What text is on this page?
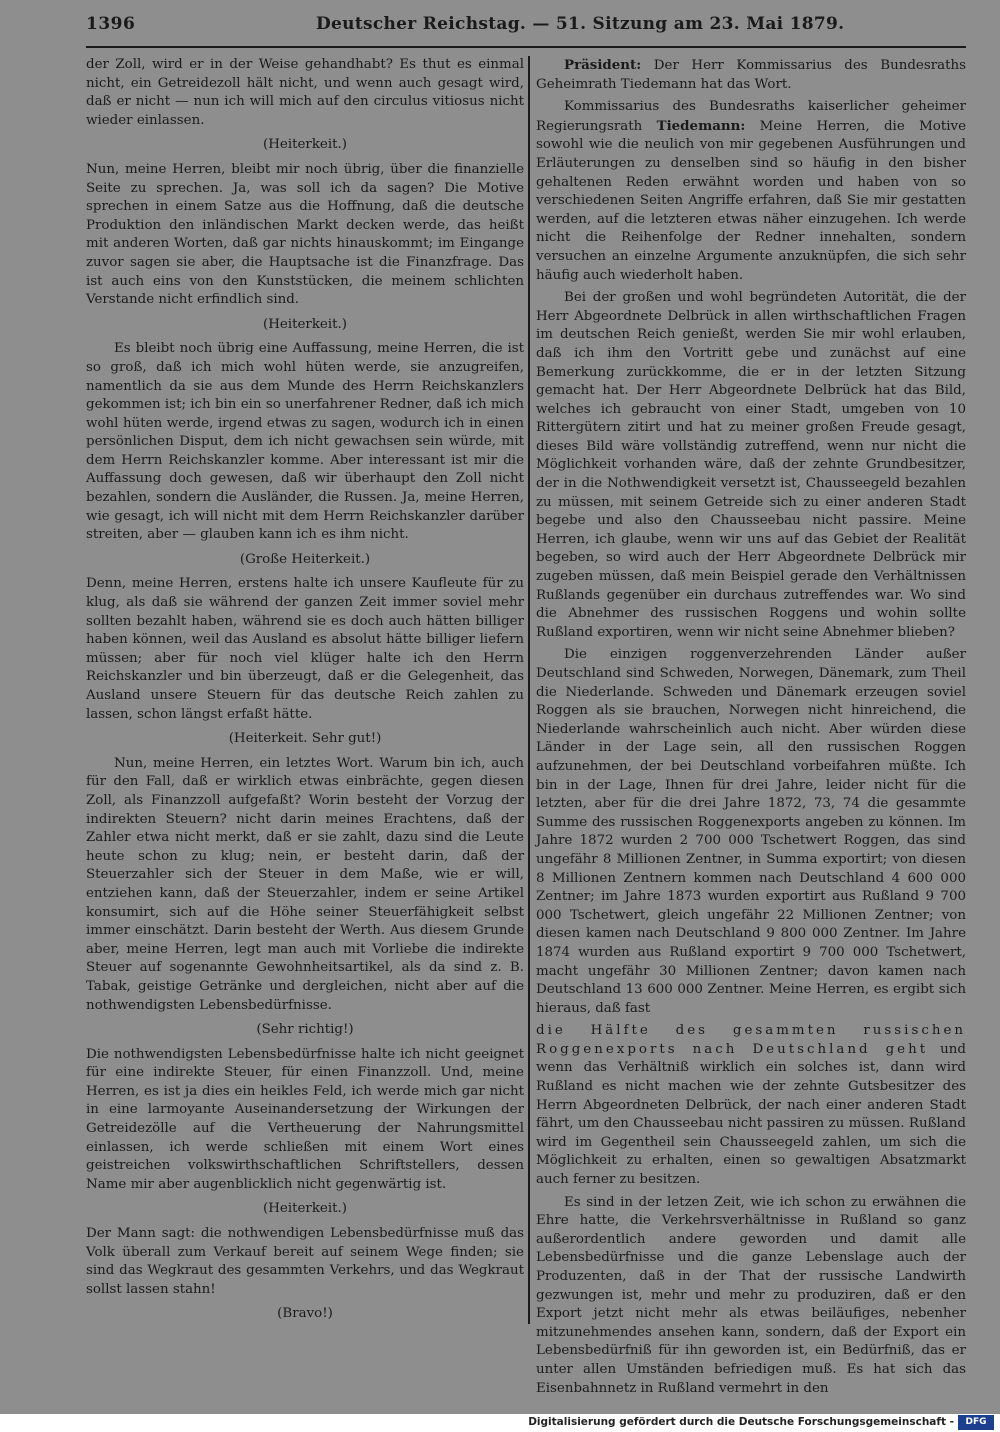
1396	Deutscher Reichstag. — 51. Sitzung am 23. Mai 1879.

der Zoll, wird er in der Weise gehandhabt? Es thut es einmal nicht, ein Getreidezoll hält nicht, und wenn auch gesagt wird, daß er nicht — nun ich will mich auf den circulus vitiosus nicht wieder einlassen.

(Heiterkeit.)

Nun, meine Herren, bleibt mir noch übrig, über die finanzielle Seite zu sprechen. Ja, was soll ich da sagen? Die Motive sprechen in einem Satze aus die Hoffnung, daß die deutsche Produktion den inländischen Markt decken werde, das heißt mit anderen Worten, daß gar nichts hinauskommt; im Eingange zuvor sagen sie aber, die Hauptsache ist die Finanzfrage. Das ist auch eins von den Kunststücken, die meinem schlichten Verstande nicht erfindlich sind.

(Heiterkeit.)

Es bleibt noch übrig eine Auffassung, meine Herren, die ist so groß, daß ich mich wohl hüten werde, sie anzugreifen, namentlich da sie aus dem Munde des Herrn Reichskanzlers gekommen ist; ich bin ein so unerfahrener Redner, daß ich mich wohl hüten werde, irgend etwas zu sagen, wodurch ich in einen persönlichen Disput, dem ich nicht gewachsen sein würde, mit dem Herrn Reichskanzler komme. Aber interessant ist mir die Auffassung doch gewesen, daß wir überhaupt den Zoll nicht bezahlen, sondern die Ausländer, die Russen. Ja, meine Herren, wie gesagt, ich will nicht mit dem Herrn Reichskanzler darüber streiten, aber — glauben kann ich es ihm nicht.

(Große Heiterkeit.)

Denn, meine Herren, erstens halte ich unsere Kaufleute für zu klug, als daß sie während der ganzen Zeit immer soviel mehr sollten bezahlt haben, während sie es doch auch hätten billiger haben können, weil das Ausland es absolut hätte billiger liefern müssen; aber für noch viel klüger halte ich den Herrn Reichskanzler und bin überzeugt, daß er die Gelegenheit, das Ausland unsere Steuern für das deutsche Reich zahlen zu lassen, schon längst erfaßt hätte.

(Heiterkeit. Sehr gut!)

Nun, meine Herren, ein letztes Wort. Warum bin ich, auch für den Fall, daß er wirklich etwas einbrächte, gegen diesen Zoll, als Finanzzoll aufgefaßt? Worin besteht der Vorzug der indirekten Steuern? nicht darin meines Erachtens, daß der Zahler etwa nicht merkt, daß er sie zahlt, dazu sind die Leute heute schon zu klug; nein, er besteht darin, daß der Steuerzahler sich der Steuer in dem Maße, wie er will, entziehen kann, daß der Steuerzahler, indem er seine Artikel konsumirt, sich auf die Höhe seiner Steuerfähigkeit selbst immer einschätzt. Darin besteht der Werth. Aus diesem Grunde aber, meine Herren, legt man auch mit Vorliebe die indirekte Steuer auf sogenannte Gewohnheitsartikel, als da sind z. B. Tabak, geistige Getränke und dergleichen, nicht aber auf die nothwendigsten Lebensbedürfnisse.

(Sehr richtig!)

Die nothwendigsten Lebensbedürfnisse halte ich nicht geeignet für eine indirekte Steuer, für einen Finanzzoll. Und, meine Herren, es ist ja dies ein heikles Feld, ich werde mich gar nicht in eine larmoyante Auseinandersetzung der Wirkungen der Getreidezölle auf die Vertheuerung der Nahrungsmittel einlassen, ich werde schließen mit einem Wort eines geistreichen volkswirthschaftlichen Schriftstellers, dessen Name mir aber augenblicklich nicht gegenwärtig ist.

(Heiterkeit.)

Der Mann sagt: die nothwendigen Lebensbedürfnisse muß das Volk überall zum Verkauf bereit auf seinem Wege finden; sie sind das Wegkraut des gesammten Verkehrs, und das Wegkraut sollst lassen stahn!

(Bravo!)

Präsident: Der Herr Kommissarius des Bundesraths Geheimrath Tiedemann hat das Wort.

Kommissarius des Bundesraths kaiserlicher geheimer Regierungsrath Tiedemann: Meine Herren, die Motive sowohl wie die neulich von mir gegebenen Ausführungen und Erläuterungen zu denselben sind so häufig in den bisher gehaltenen Reden erwähnt worden und haben von so verschiedenen Seiten Angriffe erfahren, daß Sie mir gestatten werden, auf die letzteren etwas näher einzugehen. Ich werde nicht die Reihenfolge der Redner innehalten, sondern versuchen an einzelne Argumente anzuknüpfen, die sich sehr häufig auch wiederholt haben.

Bei der großen und wohl begründeten Autorität, die der Herr Abgeordnete Delbrück in allen wirthschaftlichen Fragen im deutschen Reich genießt, werden Sie mir wohl erlauben, daß ich ihm den Vortritt gebe und zunächst auf eine Bemerkung zurückkomme, die er in der letzten Sitzung gemacht hat. Der Herr Abgeordnete Delbrück hat das Bild, welches ich gebraucht von einer Stadt, umgeben von 10 Rittergütern zitirt und hat zu meiner großen Freude gesagt, dieses Bild wäre vollständig zutreffend, wenn nur nicht die Möglichkeit vorhanden wäre, daß der zehnte Grundbesitzer, der in die Nothwendigkeit versetzt ist, Chausseegeld bezahlen zu müssen, mit seinem Getreide sich zu einer anderen Stadt begebe und also den Chausseebau nicht passire. Meine Herren, ich glaube, wenn wir uns auf das Gebiet der Realität begeben, so wird auch der Herr Abgeordnete Delbrück mir zugeben müssen, daß mein Beispiel gerade den Verhältnissen Rußlands gegenüber ein durchaus zutreffendes war. Wo sind die Abnehmer des russischen Roggens und wohin sollte Rußland exportiren, wenn wir nicht seine Abnehmer blieben?

Die einzigen roggenverzehrenden Länder außer Deutschland sind Schweden, Norwegen, Dänemark, zum Theil die Niederlande. Schweden und Dänemark erzeugen soviel Roggen als sie brauchen, Norwegen nicht hinreichend, die Niederlande wahrscheinlich auch nicht. Aber würden diese Länder in der Lage sein, all den russischen Roggen aufzunehmen, der bei Deutschland vorbeifahren müßte. Ich bin in der Lage, Ihnen für drei Jahre, leider nicht für die letzten, aber für die drei Jahre 1872, 73, 74 die gesammte Summe des russischen Roggenexports angeben zu können. Im Jahre 1872 wurden 2 700 000 Tschetwert Roggen, das sind ungefähr 8 Millionen Zentner, in Summa exportirt; von diesen 8 Millionen Zentnern kommen nach Deutschland 4 600 000 Zentner; im Jahre 1873 wurden exportirt aus Rußland 9 700 000 Tschetwert, gleich ungefähr 22 Millionen Zentner; von diesen kamen nach Deutschland 9 800 000 Zentner. Im Jahre 1874 wurden aus Rußland exportirt 9 700 000 Tschetwert, macht ungefähr 30 Millionen Zentner; davon kamen nach Deutschland 13 600 000 Zentner. Meine Herren, es ergibt sich hieraus, daß fast

die Hälfte des gesammten russischen Roggenexports nach Deutschland geht und wenn das Verhältniß wirklich ein solches ist, dann wird Rußland es nicht machen wie der zehnte Gutsbesitzer des Herrn Abgeordneten Delbrück, der nach einer anderen Stadt fährt, um den Chausseebau nicht passiren zu müssen. Rußland wird im Gegentheil sein Chausseegeld zahlen, um sich die Möglichkeit zu erhalten, einen so gewaltigen Absatzmarkt auch ferner zu besitzen.

Es sind in der letzen Zeit, wie ich schon zu erwähnen die Ehre hatte, die Verkehrsverhältnisse in Rußland so ganz außerordentlich andere geworden und damit alle Lebensbedürfnisse und die ganze Lebenslage auch der Produzenten, daß in der That der russische Landwirth gezwungen ist, mehr und mehr zu produziren, daß er den Export jetzt nicht mehr als etwas beiläufiges, nebenher mitzunehmendes ansehen kann, sondern, daß der Export ein Lebensbedürfniß für ihn geworden ist, ein Bedürfniß, das er unter allen Umständen befriedigen muß. Es hat sich das Eisenbahnnetz in Rußland vermehrt in den

Digitalisierung gefördert durch die Deutsche Forschungsgemeinschaft -	DFG
